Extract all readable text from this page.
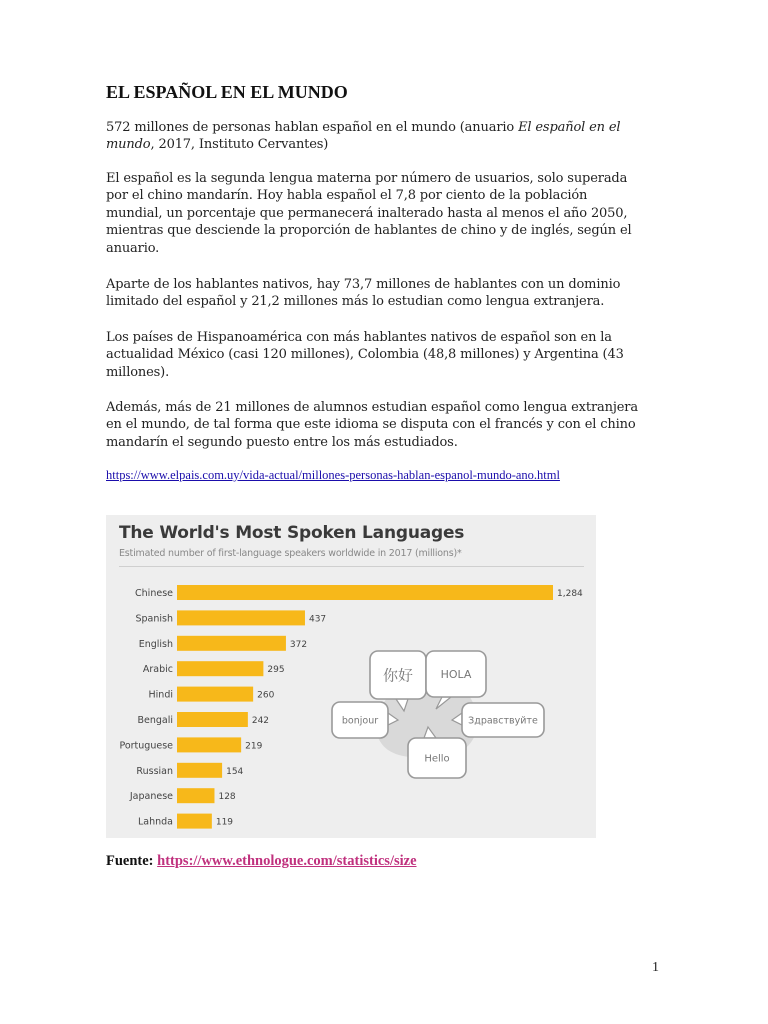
EL ESPAÑOL EN EL MUNDO

572 millones de personas hablan español en el mundo (anuario El español en el mundo, 2017, Instituto Cervantes)

El español es la segunda lengua materna por número de usuarios, solo superada por el chino mandarín. Hoy habla español el 7,8 por ciento de la población mundial, un porcentaje que permanecerá inalterado hasta al menos el año 2050, mientras que desciende la proporción de hablantes de chino y de inglés, según el anuario.

Aparte de los hablantes nativos, hay 73,7 millones de hablantes con un dominio limitado del español y 21,2 millones más lo estudian como lengua extranjera.

Los países de Hispanoamérica con más hablantes nativos de español son en la actualidad México (casi 120 millones), Colombia (48,8 millones) y Argentina (43 millones).

Además, más de 21 millones de alumnos estudian español como lengua extranjera en el mundo, de tal forma que este idioma se disputa con el francés y con el chino mandarín el segundo puesto entre los más estudiados.

https://www.elpais.com.uy/vida-actual/millones-personas-hablan-espanol-mundo-ano.html
The World's Most Spoken Languages
Estimated number of first-language speakers worldwide in 2017 (millions)*
Chinese	1,284
Spanish	437
English	372
Arabic	295
Hindi	260
Bengali	242
Portuguese	219
Russian	154
Japanese	128
Lahnda	119
你好	HOLA
bonjour	Здравствуйте
Hello
Fuente: https://www.ethnologue.com/statistics/size
1
